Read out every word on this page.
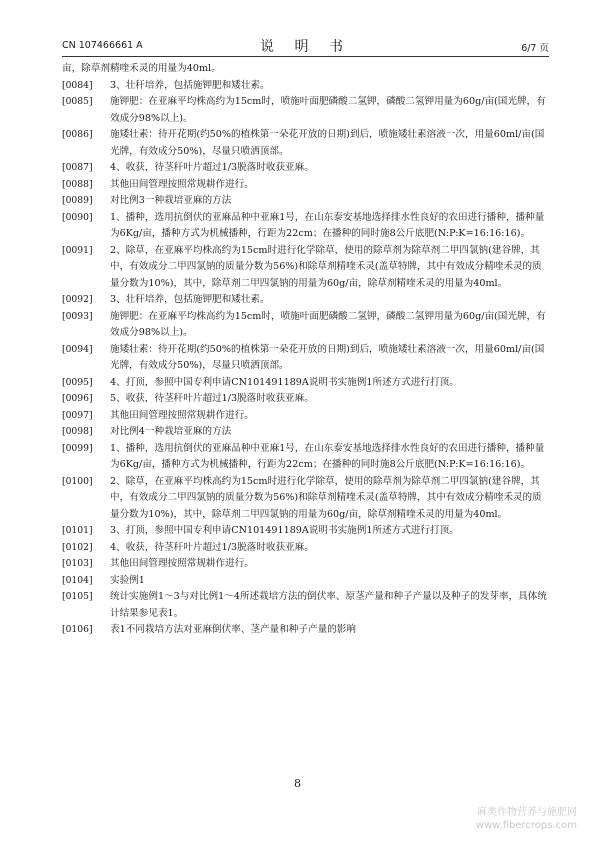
CN 107466661 A	说 明 书	6/7 页
亩，除草剂精喹禾灵的用量为40ml。
[0084]	3、壮秆培养，包括施钾肥和矮壮素。
[0085]	施钾肥：在亚麻平均株高约为15cm时，喷施叶面肥磷酸二氢钾，磷酸二氢钾用量为60g/亩(国光牌，有效成分98%以上)。
[0086]	施矮壮素：待开花期(约50%的植株第一朵花开放的日期)到后，喷施矮壮素溶液一次，用量60ml/亩(国光牌，有效成分50%)，尽量只喷洒顶部。
[0087]	4、收获，待茎秆叶片超过1/3脱落时收获亚麻。
[0088]	其他田间管理按照常规耕作进行。
[0089]	对比例3一种栽培亚麻的方法
[0090]	1、播种，选用抗倒伏的亚麻品种中亚麻1号，在山东泰安基地选择排水性良好的农田进行播种，播种量为6Kg/亩，播种方式为机械播种，行距为22cm；在播种的同时施8公斤底肥(N:P:K=16:16:16)。
[0091]	2、除草，在亚麻平均株高约为15cm时进行化学除草，使用的除草剂为除草剂二甲四氯钠(建谷牌，其中，有效成分二甲四氯钠的质量分数为56%)和除草剂精喹禾灵(盖草特牌，其中有效成分精喹禾灵的质量分数为10%)，其中，除草剂二甲四氯钠的用量为60g/亩，除草剂精喹禾灵的用量为40ml。
[0092]	3、壮秆培养，包括施钾肥和矮壮素。
[0093]	施钾肥：在亚麻平均株高约为15cm时，喷施叶面肥磷酸二氢钾，磷酸二氢钾用量为60g/亩(国光牌，有效成分98%以上)。
[0094]	施矮壮素：待开花期(约50%的植株第一朵花开放的日期)到后，喷施矮壮素溶液一次，用量60ml/亩(国光牌，有效成分50%)，尽量只喷洒顶部。
[0095]	4、打顶，参照中国专利申请CN101491189A说明书实施例1所述方式进行打顶。
[0096]	5、收获，待茎秆叶片超过1/3脱落时收获亚麻。
[0097]	其他田间管理按照常规耕作进行。
[0098]	对比例4一种栽培亚麻的方法
[0099]	1、播种，选用抗倒伏的亚麻品种中亚麻1号，在山东泰安基地选择排水性良好的农田进行播种，播种量为6Kg/亩，播种方式为机械播种，行距为22cm；在播种的同时施8公斤底肥(N:P:K=16:16:16)。
[0100]	2、除草，在亚麻平均株高约为15cm时进行化学除草，使用的除草剂为除草剂二甲四氯钠(建谷牌，其中，有效成分二甲四氯钠的质量分数为56%)和除草剂精喹禾灵(盖草特牌，其中有效成分精喹禾灵的质量分数为10%)，其中，除草剂二甲四氯钠的用量为60g/亩，除草剂精喹禾灵的用量为40ml。
[0101]	3、打顶，参照中国专利申请CN101491189A说明书实施例1所述方式进行打顶。
[0102]	4、收获，待茎秆叶片超过1/3脱落时收获亚麻。
[0103]	其他田间管理按照常规耕作进行。
[0104]	实验例1
[0105]	统计实施例1～3与对比例1～4所述栽培方法的倒伏率、原茎产量和种子产量以及种子的发芽率，具体统计结果参见表1。
[0106]	表1不同栽培方法对亚麻倒伏率、茎产量和种子产量的影响
8
麻类作物营养与施肥网
www.fibercrops.com
